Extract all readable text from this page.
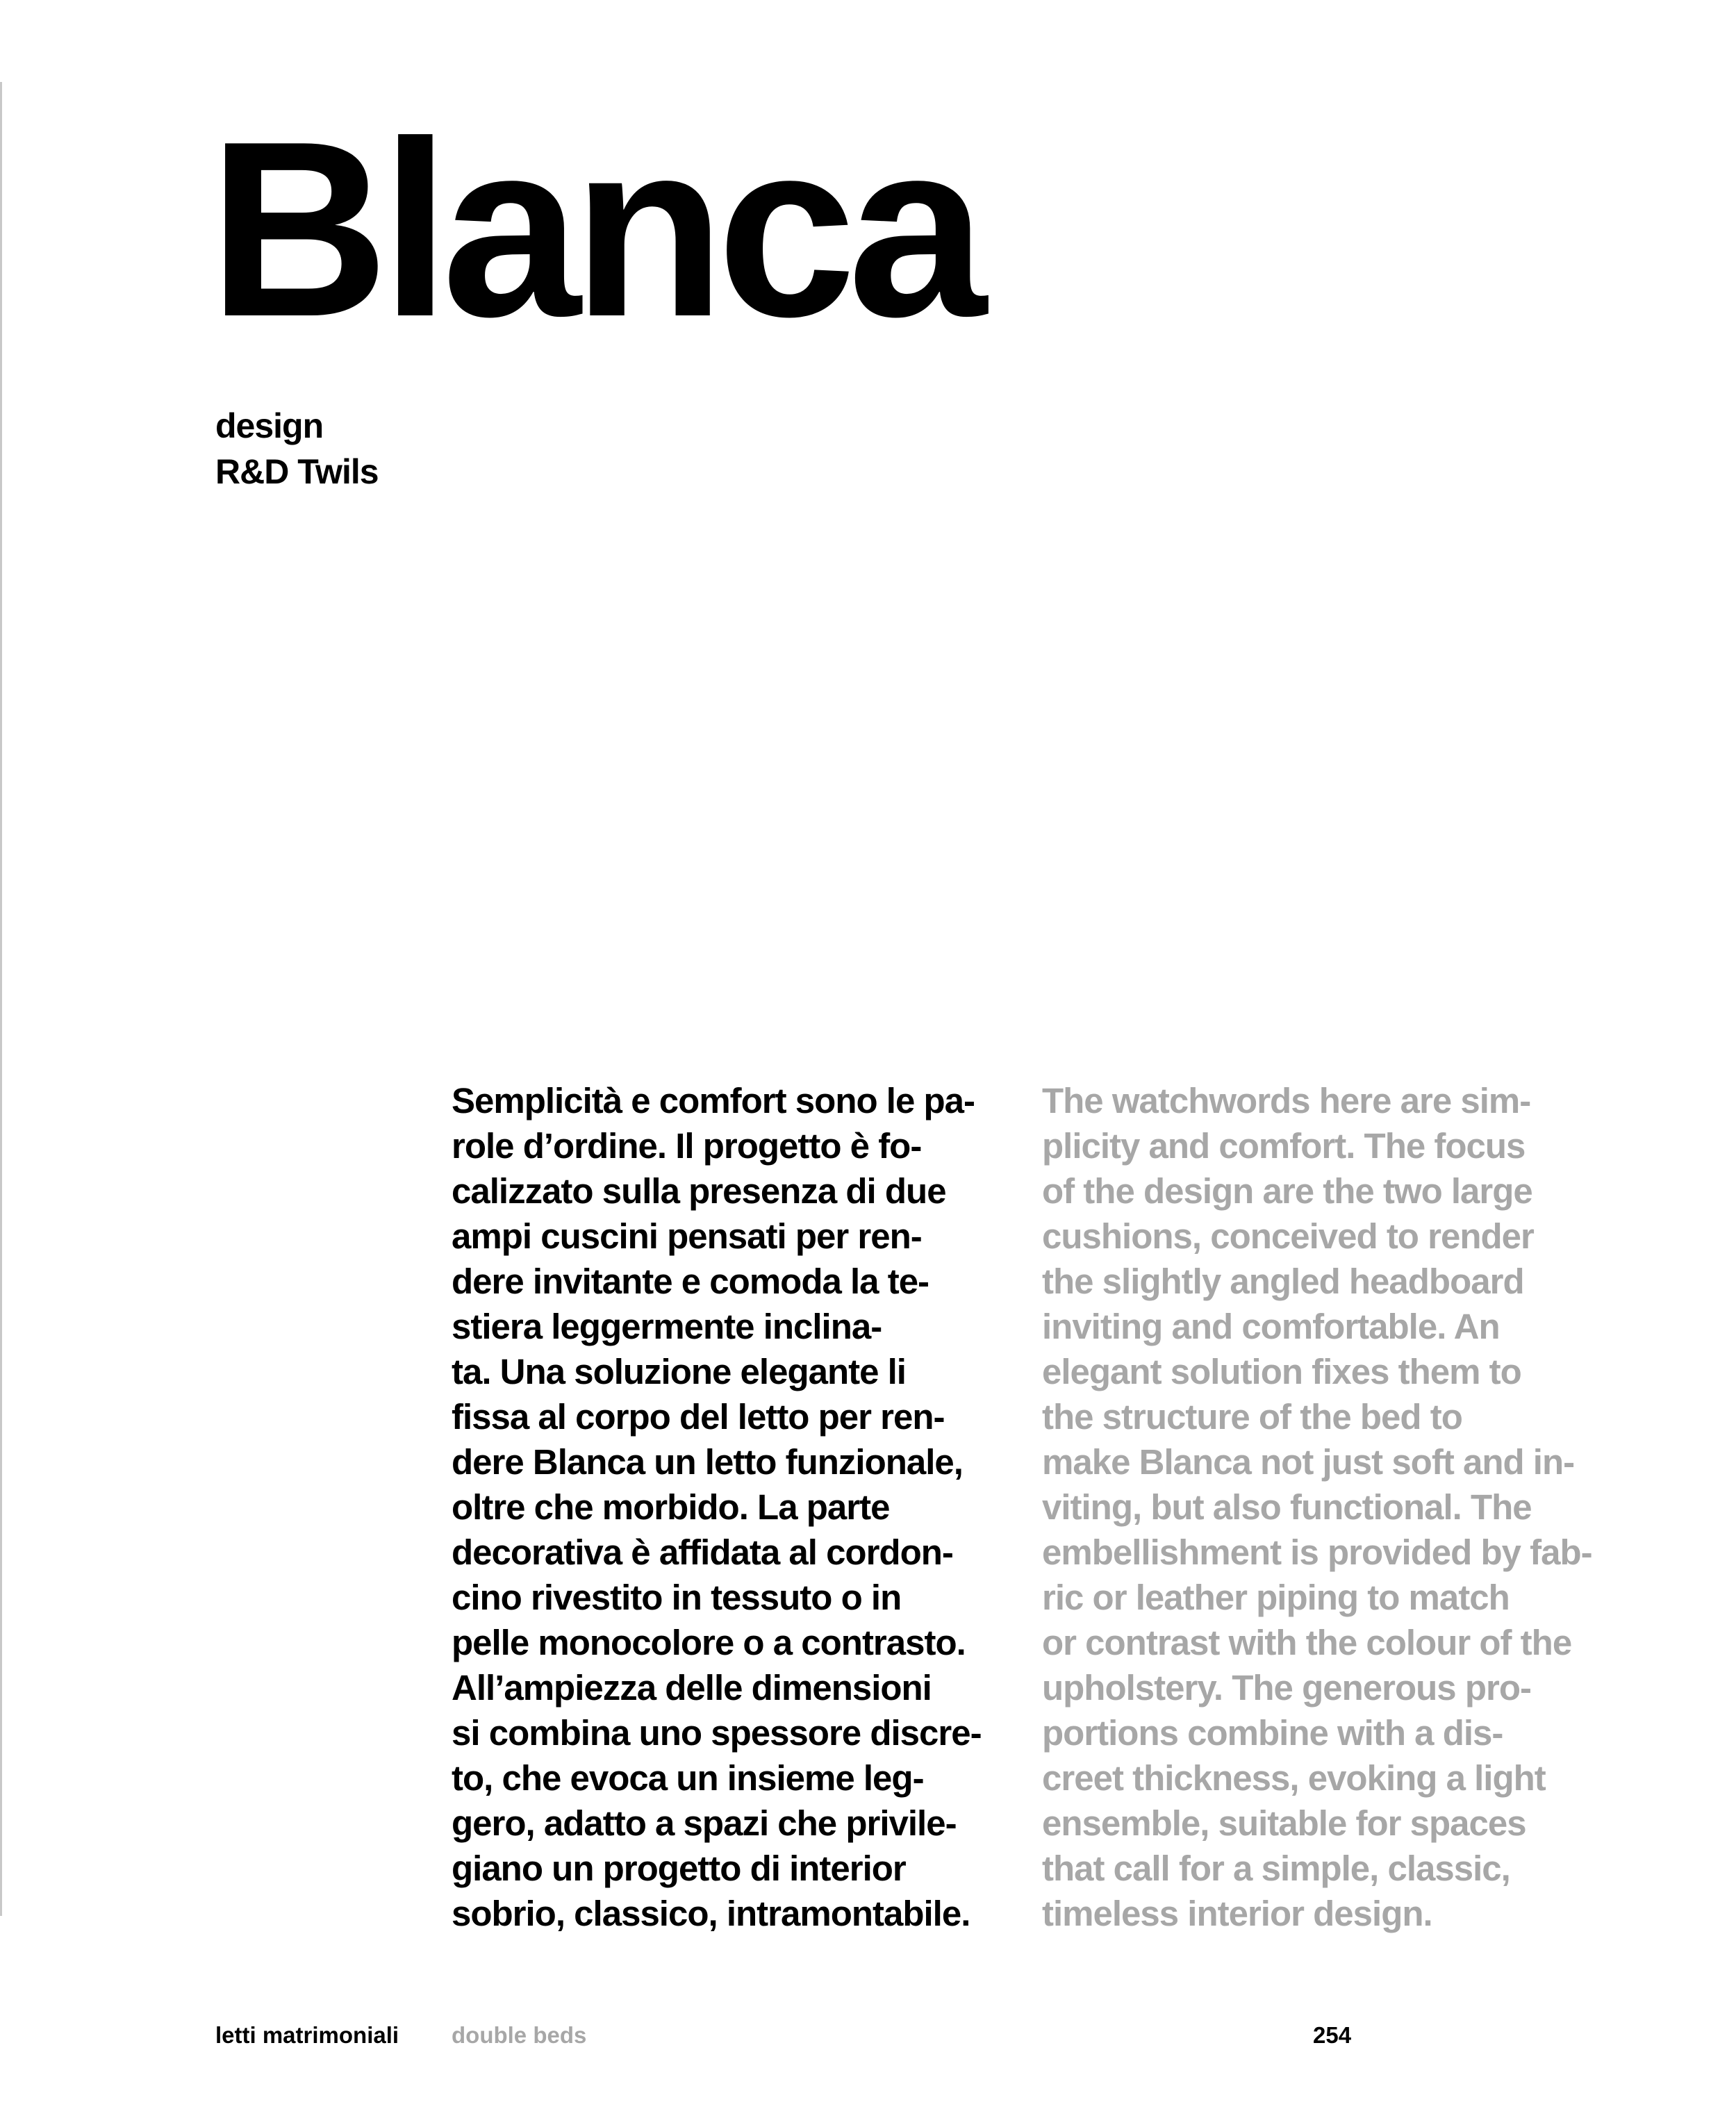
Blanca
design
R&D Twils
Semplicità e comfort sono le pa-
role d’ordine. Il progetto è fo-
calizzato sulla presenza di due
ampi cuscini pensati per ren-
dere invitante e comoda la te-
stiera leggermente inclina-
ta. Una soluzione elegante li
fissa al corpo del letto per ren-
dere Blanca un letto funzionale,
oltre che morbido. La parte
decorativa è affidata al cordon-
cino rivestito in tessuto o in
pelle monocolore o a contrasto.
All’ampiezza delle dimensioni
si combina uno spessore discre-
to, che evoca un insieme leg-
gero, adatto a spazi che privile-
giano un progetto di interior
sobrio, classico, intramontabile.
The watchwords here are sim-
plicity and comfort. The focus
of the design are the two large
cushions, conceived to render
the slightly angled headboard
inviting and comfortable. An
elegant solution fixes them to
the structure of the bed to
make Blanca not just soft and in-
viting, but also functional. The
embellishment is provided by fab-
ric or leather piping to match
or contrast with the colour of the
upholstery. The generous pro-
portions combine with a dis-
creet thickness, evoking a light
ensemble, suitable for spaces
that call for a simple, classic,
timeless interior design.
letti matrimoniali double beds	254
